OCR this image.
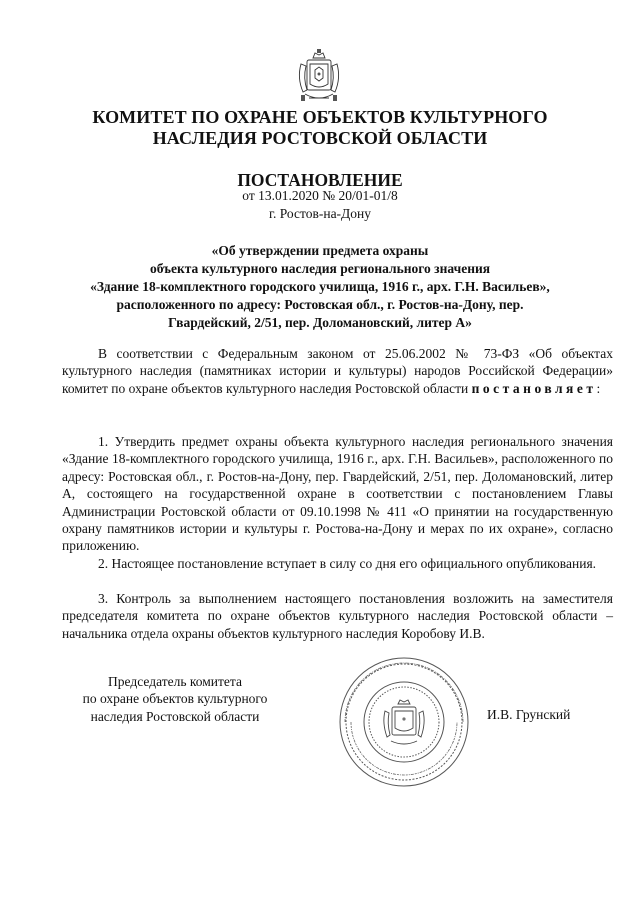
КОМИТЕТ ПО ОХРАНЕ ОБЪЕКТОВ КУЛЬТУРНОГО
НАСЛЕДИЯ РОСТОВСКОЙ ОБЛАСТИ
ПОСТАНОВЛЕНИЕ
от 13.01.2020 № 20/01-01/8
г. Ростов-на-Дону
«Об утверждении предмета охраны
объекта культурного наследия регионального значения
«Здание 18-комплектного городского училища, 1916 г., арх. Г.Н. Васильев»,
расположенного по адресу: Ростовская обл., г. Ростов-на-Дону, пер.
Гвардейский, 2/51, пер. Доломановский, литер А»
В соответствии с Федеральным законом от 25.06.2002 № 73-ФЗ «Об объектах культурного наследия (памятниках истории и культуры) народов Российской Федерации» комитет по охране объектов культурного наследия Ростовской области постановляет:
1. Утвердить предмет охраны объекта культурного наследия регионального значения «Здание 18-комплектного городского училища, 1916 г., арх. Г.Н. Васильев», расположенного по адресу: Ростовская обл., г. Ростов-на-Дону, пер. Гвардейский, 2/51, пер. Доломановский, литер А, состоящего на государственной охране в соответствии с постановлением Главы Администрации Ростовской области от 09.10.1998 № 411 «О принятии на государственную охрану памятников истории и культуры г. Ростова-на-Дону и мерах по их охране», согласно приложению.
2. Настоящее постановление вступает в силу со дня его официального опубликования.
3. Контроль за выполнением настоящего постановления возложить на заместителя председателя комитета по охране объектов культурного наследия Ростовской области – начальника отдела охраны объектов культурного наследия Коробову И.В.
Председатель комитета
по охране объектов культурного
наследия Ростовской области	И.В. Грунский
